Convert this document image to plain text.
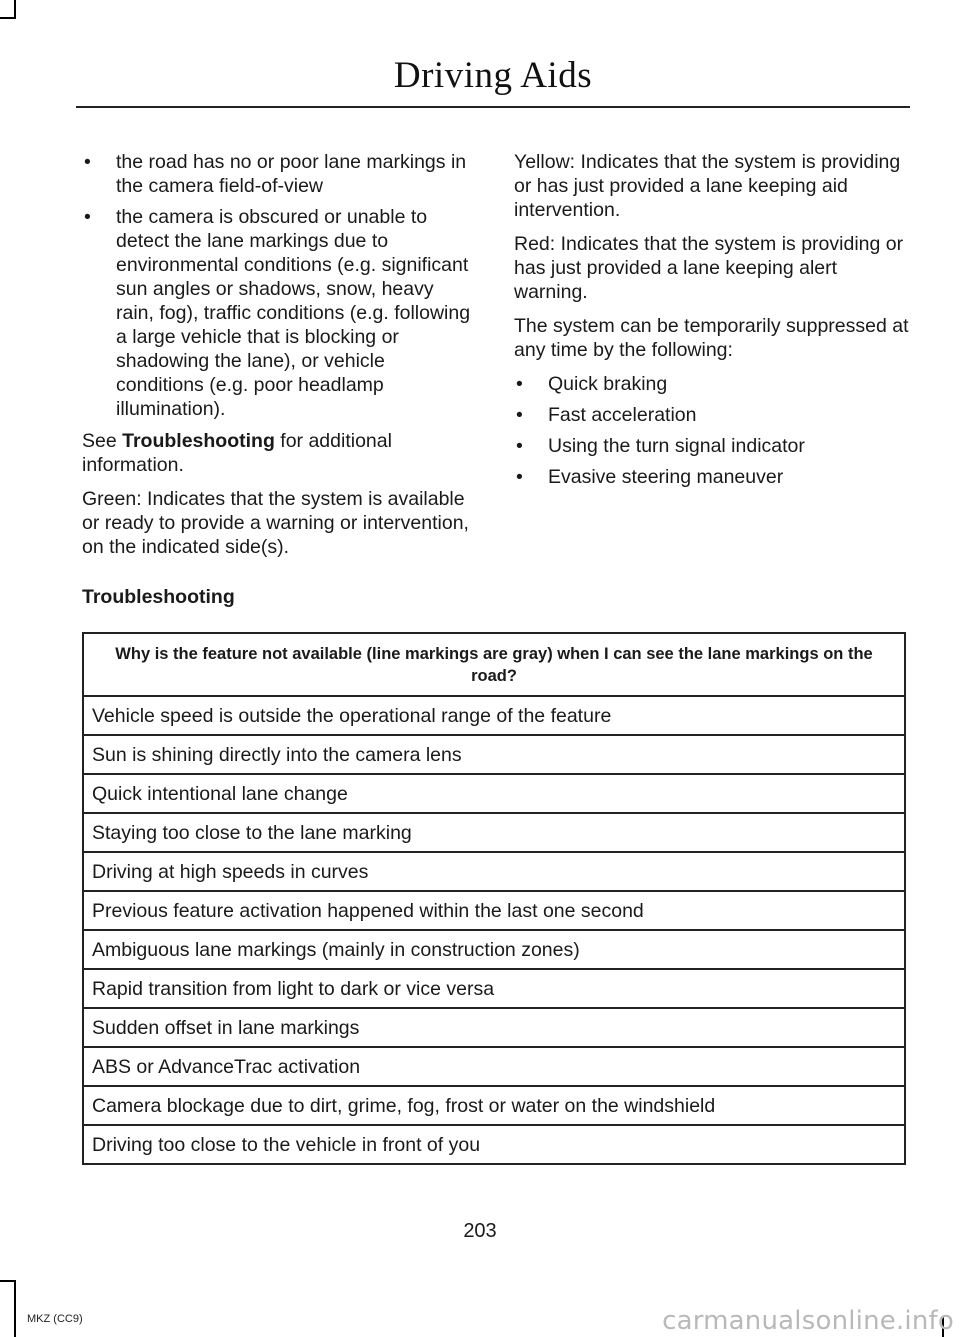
Driving Aids
• the road has no or poor lane markings in the camera field-of-view
• the camera is obscured or unable to detect the lane markings due to environmental conditions (e.g. significant sun angles or shadows, snow, heavy rain, fog), traffic conditions (e.g. following a large vehicle that is blocking or shadowing the lane), or vehicle conditions (e.g. poor headlamp illumination).

See Troubleshooting for additional information.

Green: Indicates that the system is available or ready to provide a warning or intervention, on the indicated side(s).

Yellow: Indicates that the system is providing or has just provided a lane keeping aid intervention.

Red: Indicates that the system is providing or has just provided a lane keeping alert warning.

The system can be temporarily suppressed at any time by the following:

• Quick braking
• Fast acceleration
• Using the turn signal indicator
• Evasive steering maneuver
Troubleshooting
Why is the feature not available (line markings are gray) when I can see the lane markings on the road?
Vehicle speed is outside the operational range of the feature
Sun is shining directly into the camera lens
Quick intentional lane change
Staying too close to the lane marking
Driving at high speeds in curves
Previous feature activation happened within the last one second
Ambiguous lane markings (mainly in construction zones)
Rapid transition from light to dark or vice versa
Sudden offset in lane markings
ABS or AdvanceTrac activation
Camera blockage due to dirt, grime, fog, frost or water on the windshield
Driving too close to the vehicle in front of you
203
MKZ (CC9)	carmanualsonline.info
